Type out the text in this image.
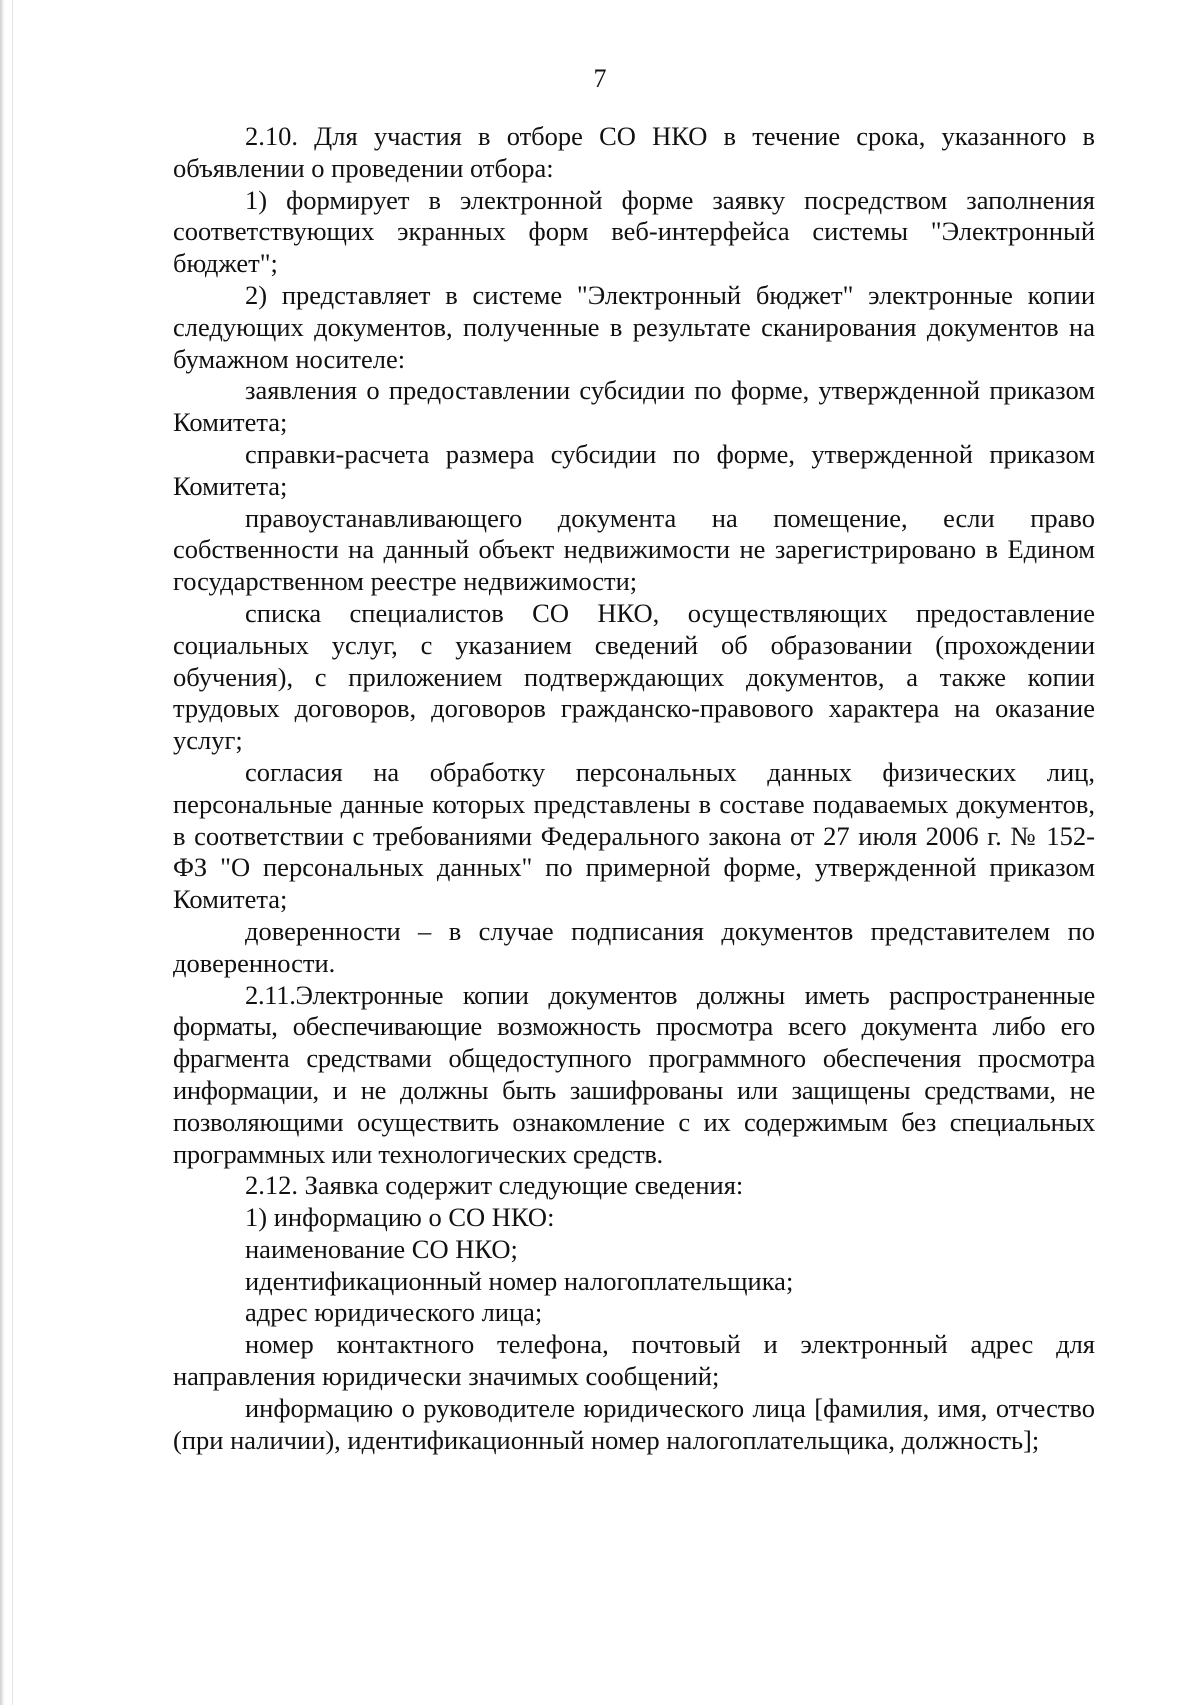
7

2.10. Для участия в отборе СО НКО в течение срока, указанного в объявлении о проведении отбора:

1) формирует в электронной форме заявку посредством заполнения соответствующих экранных форм веб-интерфейса системы "Электронный бюджет";

2) представляет в системе "Электронный бюджет" электронные копии следующих документов, полученные в результате сканирования документов на бумажном носителе:

заявления о предоставлении субсидии по форме, утвержденной приказом Комитета;

справки-расчета размера субсидии по форме, утвержденной приказом Комитета;

правоустанавливающего документа на помещение, если право собственности на данный объект недвижимости не зарегистрировано в Едином государственном реестре недвижимости;

списка специалистов СО НКО, осуществляющих предоставление социальных услуг, с указанием сведений об образовании (прохождении обучения), с приложением подтверждающих документов, а также копии трудовых договоров, договоров гражданско-правового характера на оказание услуг;

согласия на обработку персональных данных физических лиц, персональные данные которых представлены в составе подаваемых документов, в соответствии с требованиями Федерального закона от 27 июля 2006 г. № 152-ФЗ "О персональных данных" по примерной форме, утвержденной приказом Комитета;

доверенности – в случае подписания документов представителем по доверенности.

2.11.Электронные копии документов должны иметь распространенные форматы, обеспечивающие возможность просмотра всего документа либо его фрагмента средствами общедоступного программного обеспечения просмотра информации, и не должны быть зашифрованы или защищены средствами, не позволяющими осуществить ознакомление с их содержимым без специальных программных или технологических средств.

2.12. Заявка содержит следующие сведения:

1) информацию о СО НКО:

наименование СО НКО;

идентификационный номер налогоплательщика;

адрес юридического лица;

номер контактного телефона, почтовый и электронный адрес для направления юридически значимых сообщений;

информацию о руководителе юридического лица [фамилия, имя, отчество (при наличии), идентификационный номер налогоплательщика, должность];
